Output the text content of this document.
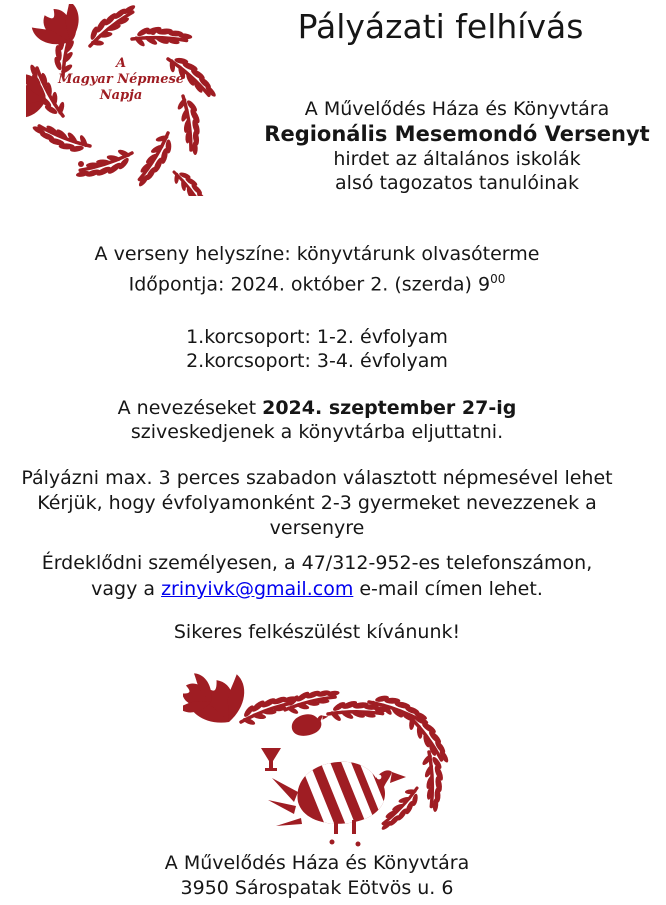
A
Magyar Népmese
Napja
Pályázati felhívás
A Művelődés Háza és Könyvtára
Regionális Mesemondó Versenyt
hirdet az általános iskolák
alsó tagozatos tanulóinak
A verseny helyszíne: könyvtárunk olvasóterme
Időpontja: 2024. október 2. (szerda) $9^{00}$
1.korcsoport: 1-2. évfolyam
2.korcsoport: 3-4. évfolyam
A nevezéseket 2024. szeptember 27-ig
sziveskedjenek a könyvtárba eljuttatni.
Pályázni max. 3 perces szabadon választott népmesével lehet
Kérjük, hogy évfolyamonként 2-3 gyermeket nevezzenek a
versenyre
Érdeklődni személyesen, a 47/312-952-es telefonszámon,
vagy a zrinyivk@gmail.com e-mail címen lehet.
Sikeres felkészülést kívánunk!
A Művelődés Háza és Könyvtára
3950 Sárospatak Eötvös u. 6
